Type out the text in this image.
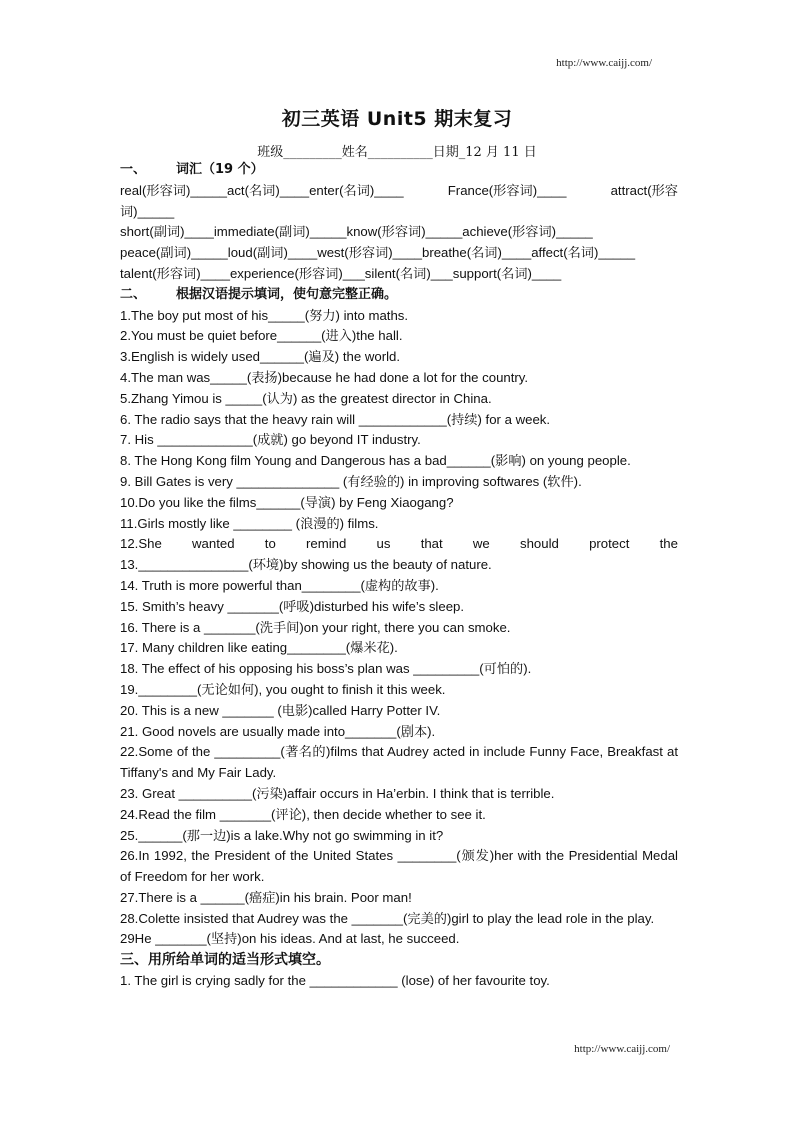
http://www.caijj.com/
初三英语 Unit5 期末复习
班级_________姓名__________日期_12 月 11 日
一、 词汇（19 个）
real(形容词)_____act(名词)____enter(名词)____	France(形容词)____	attract(形容
词)_____
short(副词)____immediate(副词)_____know(形容词)_____achieve(形容词)_____
peace(副词)_____loud(副词)____west(形容词)____breathe(名词)____affect(名词)_____
talent(形容词)____experience(形容词)___silent(名词)___support(名词)____
二、 根据汉语提示填词，使句意完整正确。
1.The boy put most of his_____(努力) into maths.
2.You must be quiet before______(进入)the hall.
3.English is widely used______(遍及) the world.
4.The man was_____(表扬)because he had done a lot for the country.
5.Zhang Yimou is _____(认为) as the greatest director in China.
6. The radio says that the heavy rain will ____________(持续) for a week.
7. His _____________(成就) go beyond IT industry.
8. The Hong Kong film Young and Dangerous has a bad______(影响) on young people.
9. Bill Gates is very ______________ (有经验的) in improving softwares (软件).
10.Do you like the films______(导演) by Feng Xiaogang?
11.Girls mostly like ________ (浪漫的) films.
12.She wanted to remind us that we should protect the
13._______________(环境)by showing us the beauty of nature.
14. Truth is more powerful than________(虚构的故事).
15. Smith’s heavy _______(呼吸)disturbed his wife’s sleep.
16. There is a _______(洗手间)on your right, there you can smoke.
17. Many children like eating________(爆米花).
18. The effect of his opposing his boss’s plan was _________(可怕的).
19.________(无论如何), you ought to finish it this week.
20. This is a new _______ (电影)called Harry Potter IV.
21. Good novels are usually made into_______(剧本).
22.Some of the _________(著名的)films that Audrey acted in include Funny Face, Breakfast at Tiffany's and My Fair Lady.
23. Great __________(污染)affair occurs in Ha’erbin. I think that is terrible.
24.Read the film _______(评论), then decide whether to see it.
25.______(那一边)is a lake.Why not go swimming in it?
26.In 1992, the President of the United States ________(颁发)her with the Presidential Medal of Freedom for her work.
27.There is a ______(癌症)in his brain. Poor man!
28.Colette insisted that Audrey was the _______(完美的)girl to play the lead role in the play.
29He _______(坚持)on his ideas. And at last, he succeed.
三、用所给单词的适当形式填空。
1. The girl is crying sadly for the ____________ (lose) of her favourite toy.
http://www.caijj.com/
